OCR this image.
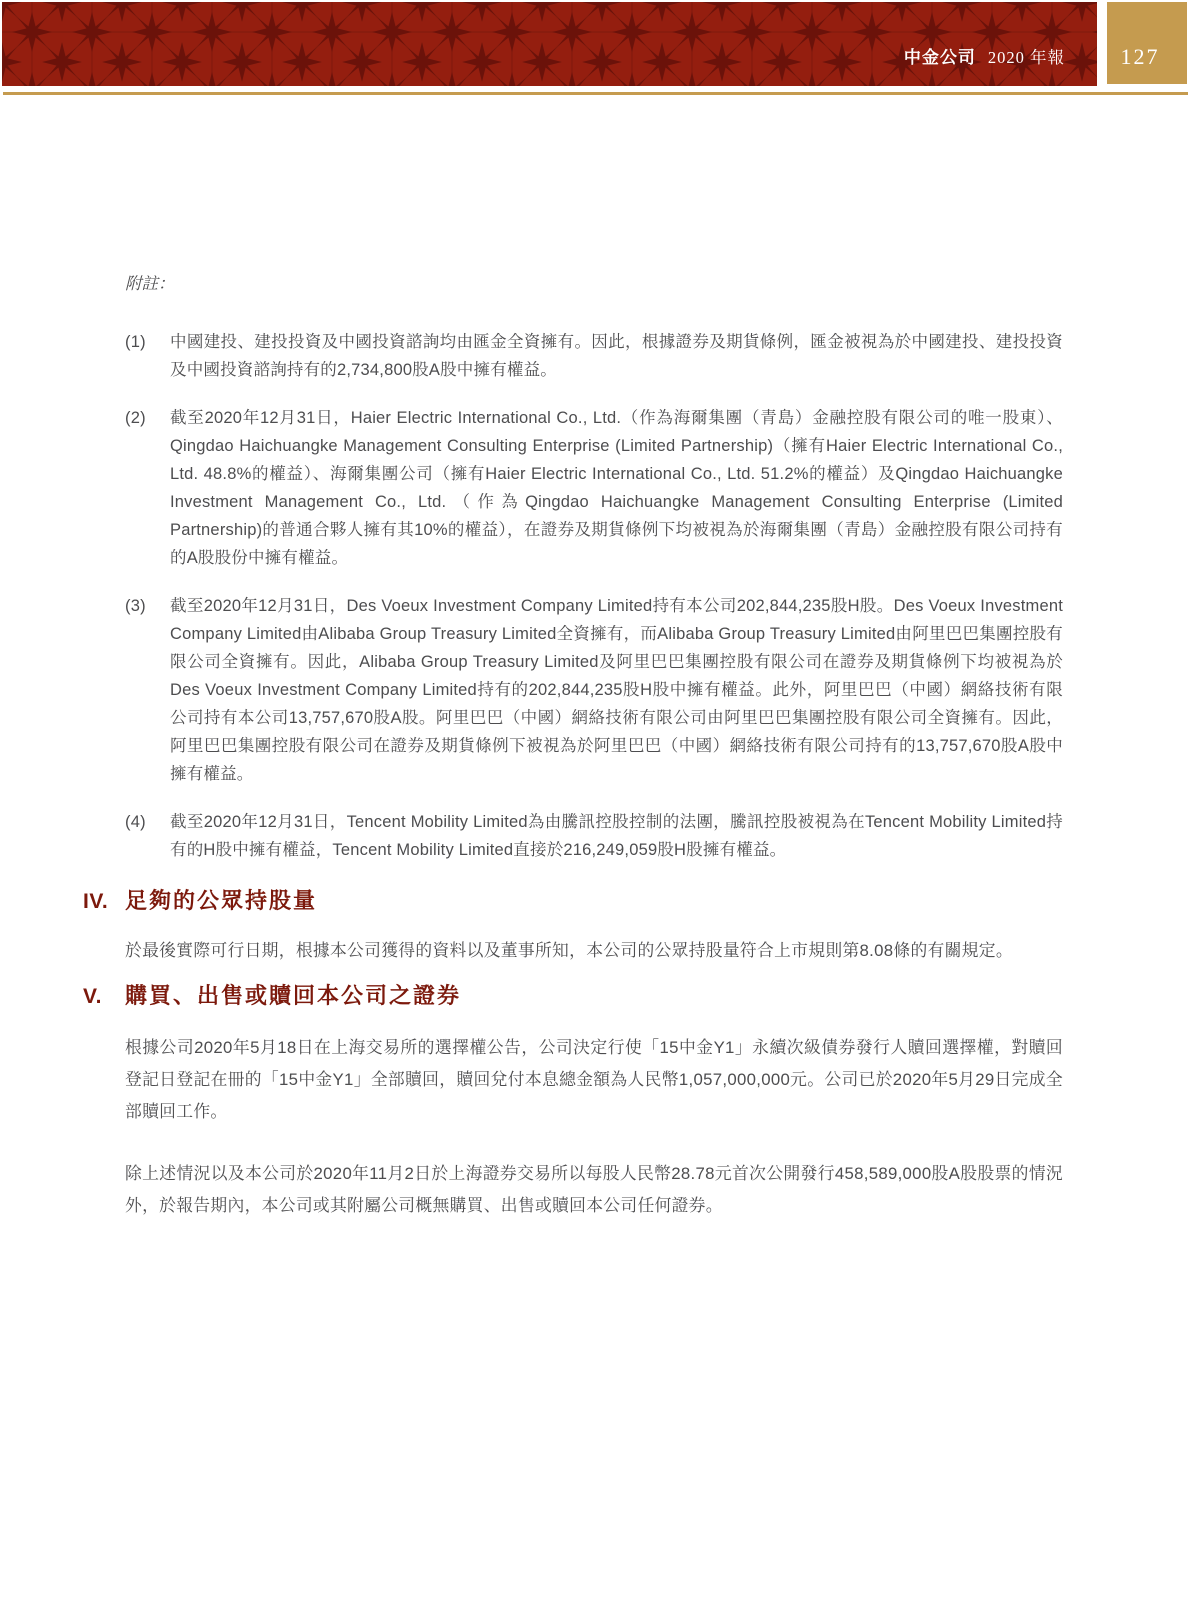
中金公司 2020 年報	127

附註：

(1)	中國建投、建投投資及中國投資諮詢均由匯金全資擁有。因此，根據證券及期貨條例，匯金被視為於中國建投、建投投資及中國投資諮詢持有的2,734,800股A股中擁有權益。
(2)	截至2020年12月31日，Haier Electric International Co., Ltd.（作為海爾集團（青島）金融控股有限公司的唯一股東）、Qingdao Haichuangke Management Consulting Enterprise (Limited Partnership)（擁有Haier Electric International Co., Ltd. 48.8%的權益）、海爾集團公司（擁有Haier Electric International Co., Ltd. 51.2%的權益）及Qingdao Haichuangke Investment Management Co., Ltd.（作為Qingdao Haichuangke Management Consulting Enterprise (Limited Partnership)的普通合夥人擁有其10%的權益），在證券及期貨條例下均被視為於海爾集團（青島）金融控股有限公司持有的A股股份中擁有權益。
(3)	截至2020年12月31日，Des Voeux Investment Company Limited持有本公司202,844,235股H股。Des Voeux Investment Company Limited由Alibaba Group Treasury Limited全資擁有，而Alibaba Group Treasury Limited由阿里巴巴集團控股有限公司全資擁有。因此，Alibaba Group Treasury Limited及阿里巴巴集團控股有限公司在證券及期貨條例下均被視為於Des Voeux Investment Company Limited持有的202,844,235股H股中擁有權益。此外，阿里巴巴（中國）網絡技術有限公司持有本公司13,757,670股A股。阿里巴巴（中國）網絡技術有限公司由阿里巴巴集團控股有限公司全資擁有。因此，阿里巴巴集團控股有限公司在證券及期貨條例下被視為於阿里巴巴（中國）網絡技術有限公司持有的13,757,670股A股中擁有權益。
(4)	截至2020年12月31日，Tencent Mobility Limited為由騰訊控股控制的法團，騰訊控股被視為在Tencent Mobility Limited持有的H股中擁有權益，Tencent Mobility Limited直接於216,249,059股H股擁有權益。
IV. 足夠的公眾持股量

於最後實際可行日期，根據本公司獲得的資料以及董事所知，本公司的公眾持股量符合上市規則第8.08條的有關規定。

V.	購買、出售或贖回本公司之證券

根據公司2020年5月18日在上海交易所的選擇權公告，公司決定行使「15中金Y1」永續次級債券發行人贖回選擇權，對贖回登記日登記在冊的「15中金Y1」全部贖回，贖回兌付本息總金額為人民幣1,057,000,000元。公司已於2020年5月29日完成全部贖回工作。

除上述情況以及本公司於2020年11月2日於上海證券交易所以每股人民幣28.78元首次公開發行458,589,000股A股股票的情況外，於報告期內，本公司或其附屬公司概無購買、出售或贖回本公司任何證券。
